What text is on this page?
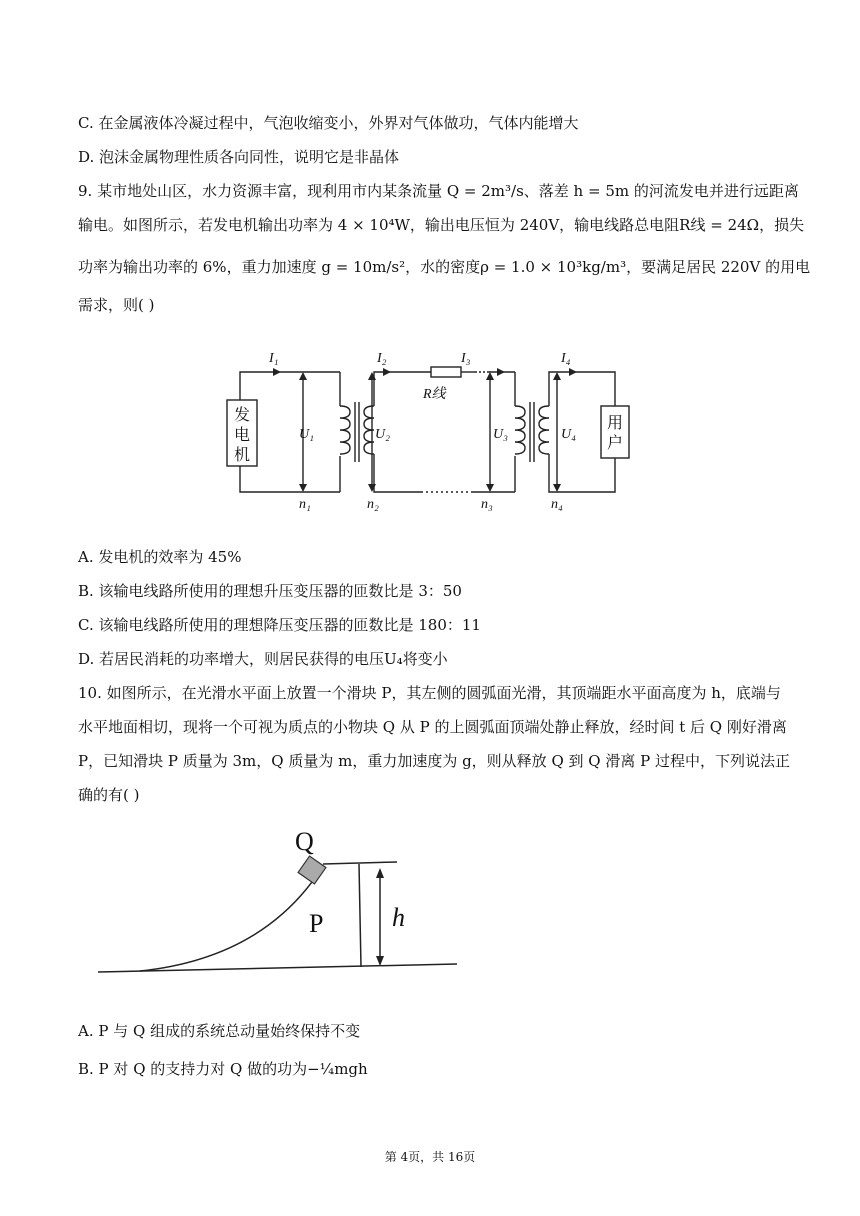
C. 在金属液体冷凝过程中，气泡收缩变小，外界对气体做功，气体内能增大
D. 泡沫金属物理性质各向同性，说明它是非晶体
9. 某市地处山区，水力资源丰富，现利用市内某条流量 Q = 2m³/s、落差 h = 5m 的河流发电并进行远距离
输电。如图所示，若发电机输出功率为 4 × 10⁴W，输出电压恒为 240V，输电线路总电阻R线 = 24Ω，损失
功率为输出功率的 6%，重力加速度 g = 10m/s²，水的密度ρ = 1.0 × 10³kg/m³，要满足居民 220V 的用电
需求，则( )
I₁	I₂	I₃	I₄
U₁	U₂	U₃	U₄
n₁	n₂	n₃	n₄
R线
发
电
机
用
户
A. 发电机的效率为 45%
B. 该输电线路所使用的理想升压变压器的匝数比是 3：50
C. 该输电线路所使用的理想降压变压器的匝数比是 180：11
D. 若居民消耗的功率增大，则居民获得的电压U₄将变小
10. 如图所示，在光滑水平面上放置一个滑块 P，其左侧的圆弧面光滑，其顶端距水平面高度为 h，底端与
水平地面相切，现将一个可视为质点的小物块 Q 从 P 的上圆弧面顶端处静止释放，经时间 t 后 Q 刚好滑离
P，已知滑块 P 质量为 3m，Q 质量为 m，重力加速度为 g，则从释放 Q 到 Q 滑离 P 过程中，下列说法正
确的有( )
Q
P	h
A. P 与 Q 组成的系统总动量始终保持不变
B. P 对 Q 的支持力对 Q 做的功为−¼mgh
第 4页，共 16页
